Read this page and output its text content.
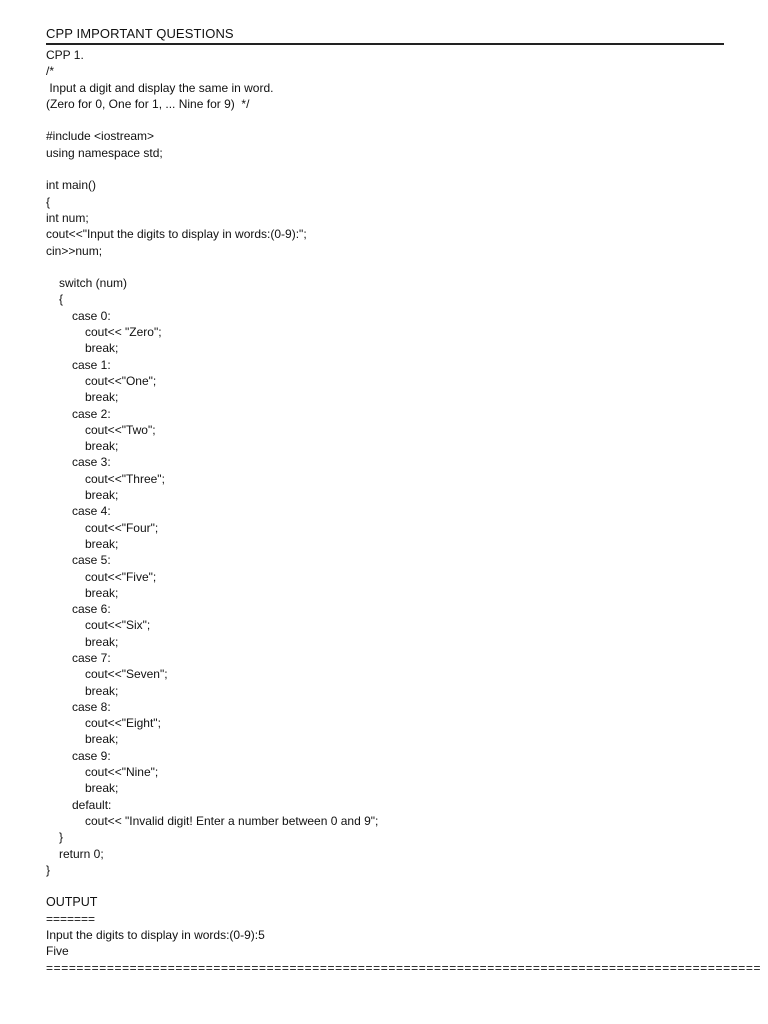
CPP IMPORTANT QUESTIONS
CPP 1.
/*
Input a digit and display the same in word.
(Zero for 0, One for 1, ... Nine for 9)  */
#include <iostream>
using namespace std;
int main()
{
int num;
cout<<"Input the digits to display in words:(0-9):";
cin>>num;
switch (num)
{
case 0:
cout<< "Zero";
break;
case 1:
cout<<"One";
break;
case 2:
cout<<"Two";
break;
case 3:
cout<<"Three";
break;
case 4:
cout<<"Four";
break;
case 5:
cout<<"Five";
break;
case 6:
cout<<"Six";
break;
case 7:
cout<<"Seven";
break;
case 8:
cout<<"Eight";
break;
case 9:
cout<<"Nine";
break;
default:
cout<< "Invalid digit! Enter a number between 0 and 9";
}
return 0;
}
OUTPUT
=======
Input the digits to display in words:(0-9):5
Five
==============================================================================================
